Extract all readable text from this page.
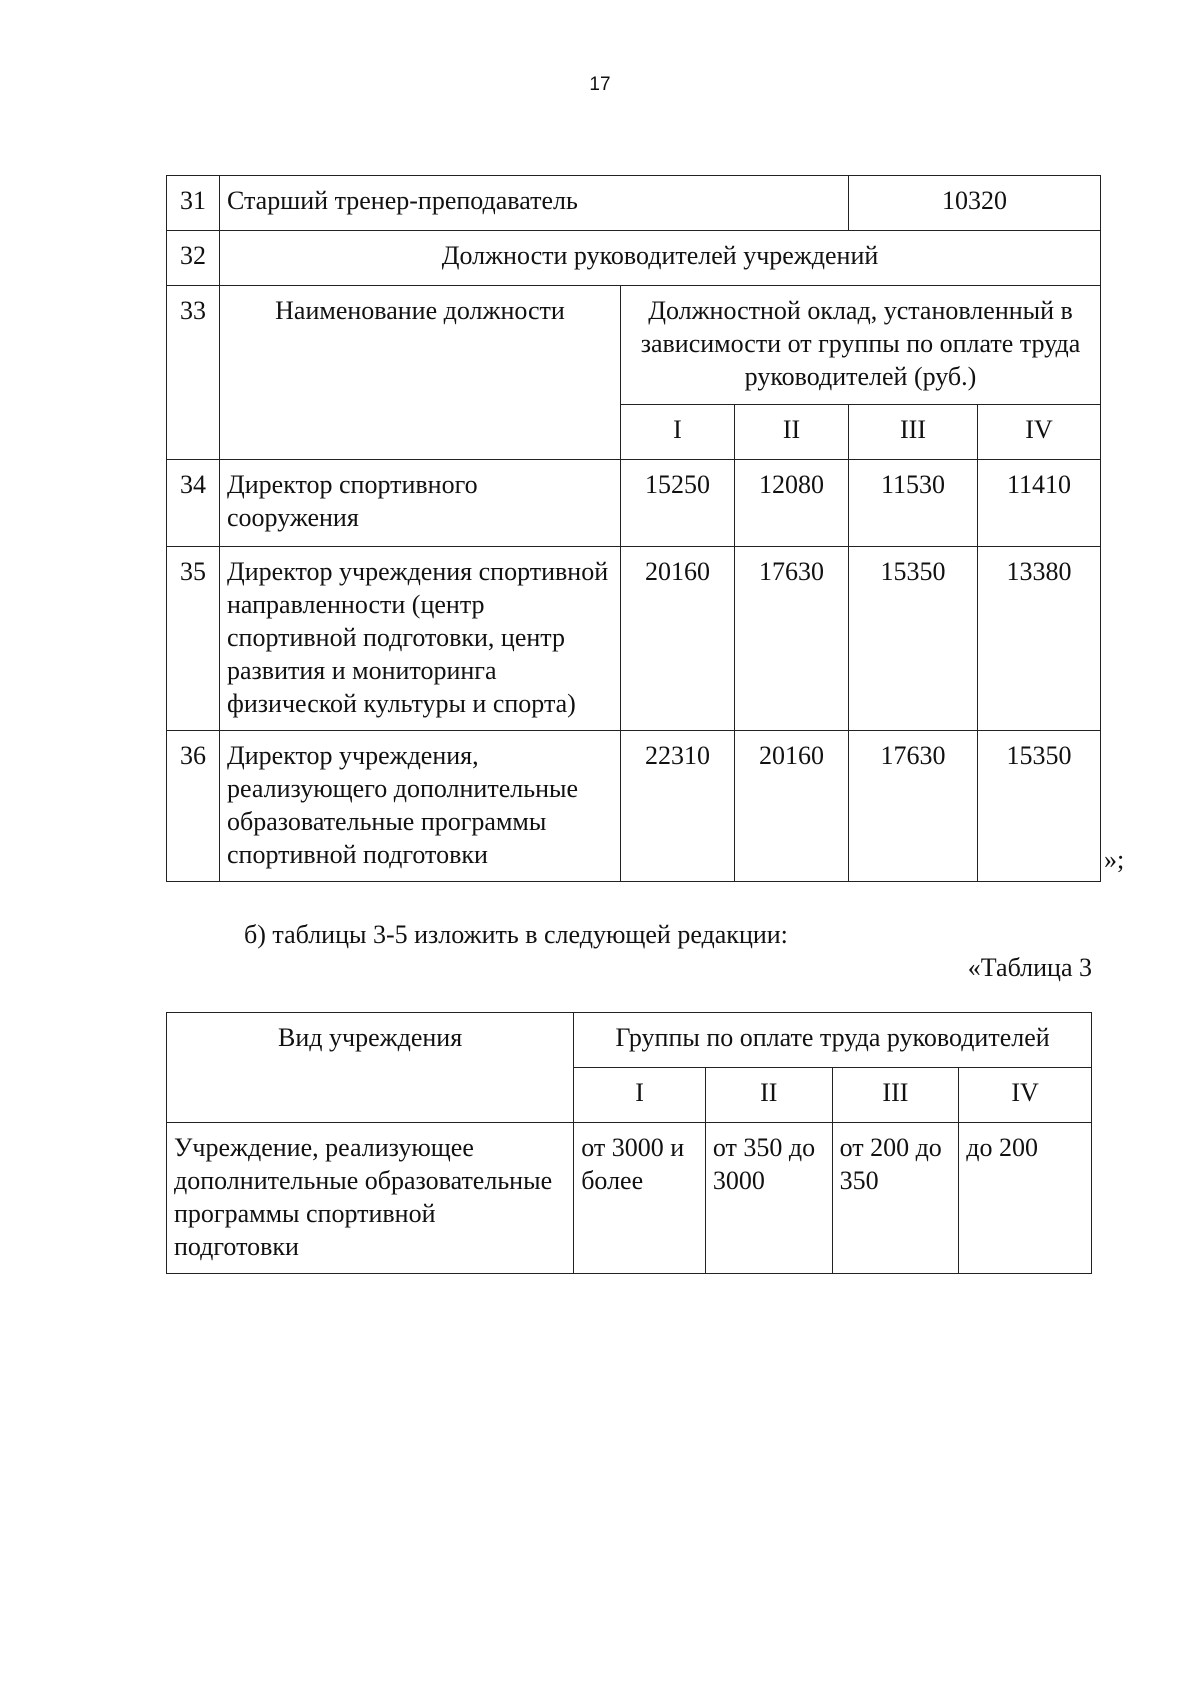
17
31	Старший тренер-преподаватель			10320	
32	Должности руководителей учреждений				
33	Наименование должности	Должностной оклад, установленный в зависимости от группы по оплате труда руководителей (руб.)			
		I	II	III	IV
34	Директор спортивного сооружения	15250	12080	11530	11410
35	Директор учреждения спортивной направленности (центр спортивной подготовки, центр развития и мониторинга физической культуры и спорта)	20160	17630	15350	13380
36	Директор учреждения, реализующего дополнительные образовательные программы спортивной подготовки	22310	20160	17630	15350
»;
б) таблицы 3-5 изложить в следующей редакции:
«Таблица 3
Вид учреждения	Группы по оплате труда руководителей			
	I	II	III	IV
Учреждение, реализующее дополнительные образовательные программы спортивной подготовки	от 3000 и более	от 350 до 3000	от 200 до 350	до 200
